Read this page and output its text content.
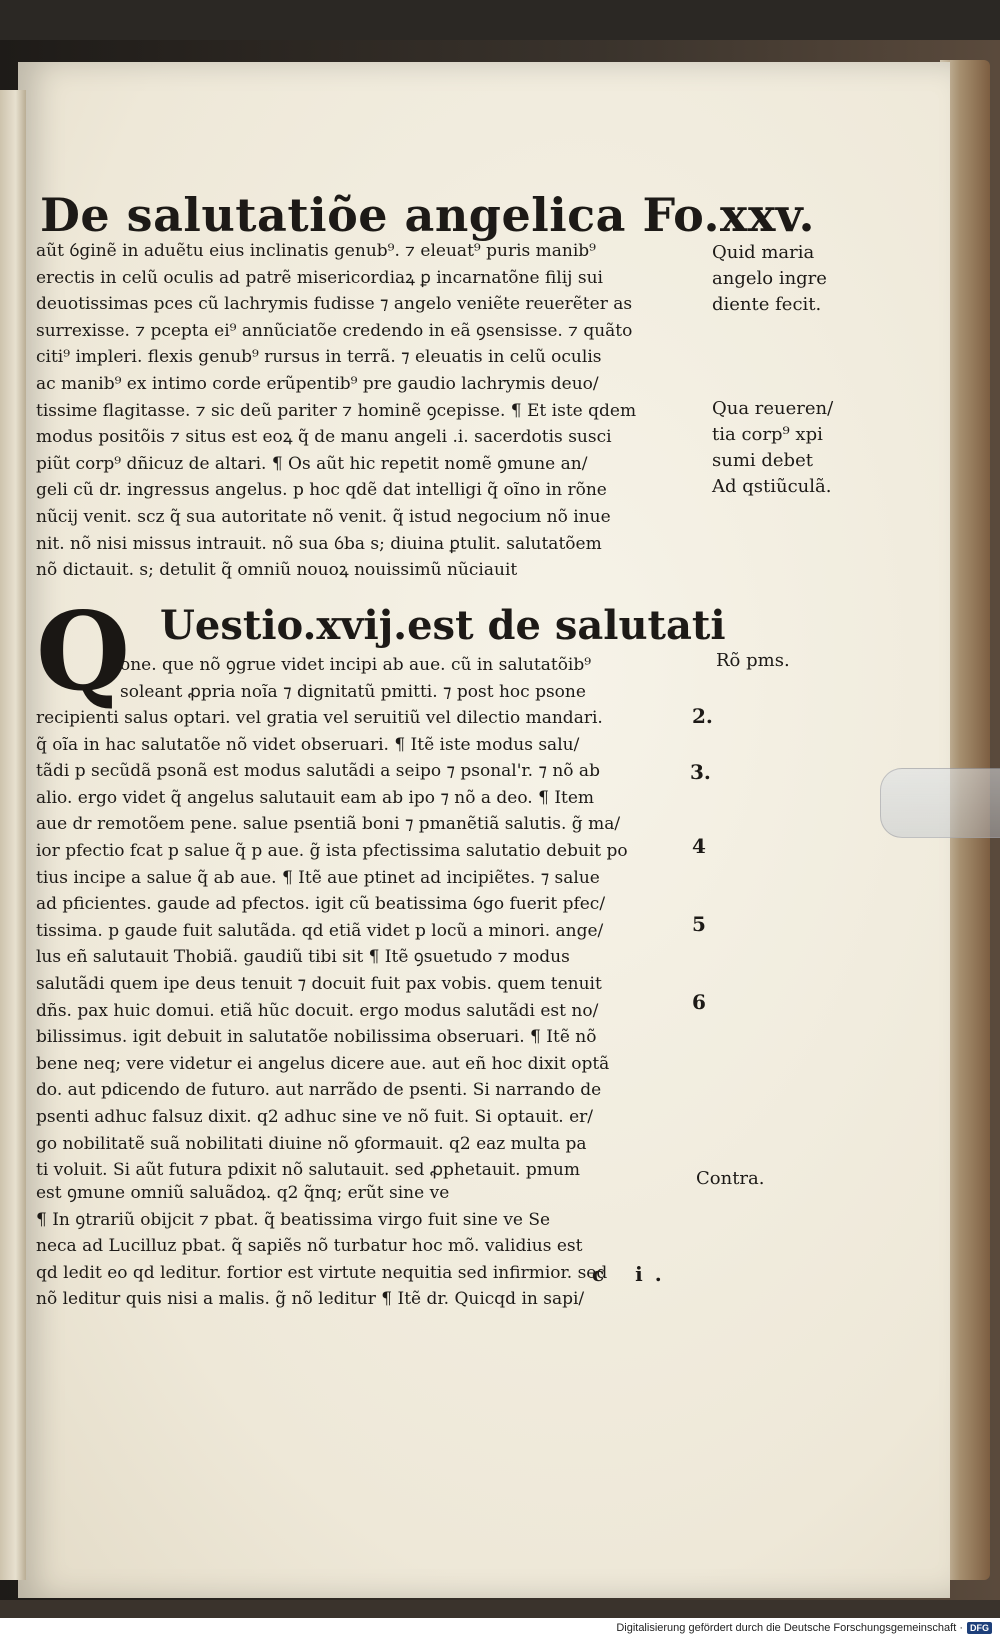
De salutatiõe angelica Fo.xxv.
aũt ỽginẽ in aduẽtu eius inclinatis genub⁹. ⁊ eleuat⁹ puris manib⁹
erectis in celũ oculis ad patrẽ misericordiaꝝ ꝑ incarnatõne filij sui
deuotissimas pces cũ lachrymis fudisse ⁊ angelo veniẽte reuerẽter as
surrexisse. ⁊ pcepta ei⁹ annũciatõe credendo in eã ꝯsensisse. ⁊ quãto
citi⁹ impleri. flexis genub⁹ rursus in terrã. ⁊ eleuatis in celũ oculis
ac manib⁹ ex intimo corde erũpentib⁹ pre gaudio lachrymis deuo/
tissime flagitasse. ⁊ sic deũ pariter ⁊ hominẽ ꝯcepisse. ¶ Et iste qdem
modus positõis ⁊ situs est eoꝝ q̃ de manu angeli .i. sacerdotis susci
piũt corp⁹ dñicuz de altari. ¶ Os aũt hic repetit nomẽ ꝯmune an/
geli cũ dr. ingressus angelus. p hoc qdẽ dat intelligi q̃ oĩno in rõne
nũcij venit. scz q̃ sua autoritate nõ venit. q̃ istud negocium nõ inue
nit. nõ nisi missus intrauit. nõ sua ỽba s; diuina ꝑtulit. salutatõem
nõ dictauit. s; detulit q̃ omniũ nouoꝝ nouissimũ nũciauit
Q Uestio.xvij.est de salutati
one. que nõ ꝯgrue videt incipi ab aue. cũ in salutatõib⁹
soleant ꝓpria noĩa ⁊ dignitatũ pmitti. ⁊ post hoc psone
recipienti salus optari. vel gratia vel seruitiũ vel dilectio mandari.
q̃ oĩa in hac salutatõe nõ videt obseruari. ¶ Itẽ iste modus salu/
tãdi p secũdã psonã est modus salutãdi a seipo ⁊ psonal'r. ⁊ nõ ab
alio. ergo videt q̃ angelus salutauit eam ab ipo ⁊ nõ a deo. ¶ Item
aue dr remotõem pene. salue psentiã boni ⁊ pmanẽtiã salutis. g̃ ma/
ior pfectio fcat p salue q̃ p aue. g̃ ista pfectissima salutatio debuit po
tius incipe a salue q̃ ab aue. ¶ Itẽ aue ptinet ad incipiẽtes. ⁊ salue
ad pficientes. gaude ad pfectos. igit cũ beatissima ỽgo fuerit pfec/
tissima. p gaude fuit salutãda. qd etiã videt p locũ a minori. ange/
lus eñ salutauit Thobiã. gaudiũ tibi sit ¶ Itẽ ꝯsuetudo ⁊ modus
salutãdi quem ipe deus tenuit ⁊ docuit fuit pax vobis. quem tenuit
dñs. pax huic domui. etiã hũc docuit. ergo modus salutãdi est no/
bilissimus. igit debuit in salutatõe nobilissima obseruari. ¶ Itẽ nõ
bene neq; vere videtur ei angelus dicere aue. aut eñ hoc dixit optã
do. aut pdicendo de futuro. aut narrãdo de psenti. Si narrando de
psenti adhuc falsuz dixit. q2 adhuc sine ve nõ fuit. Si optauit. er/
go nobilitatẽ suã nobilitati diuine nõ ꝯformauit. q2 eaz multa pa
ti voluit. Si aũt futura pdixit nõ salutauit. sed ꝓphetauit. pmum
est ꝯmune omniũ saluãdoꝝ. q2 q̃nq; erũt sine ve
¶ In ꝯtrariũ obijcit ⁊ pbat. q̃ beatissima virgo fuit sine ve Se
neca ad Lucilluz pbat. q̃ sapiẽs nõ turbatur hoc mõ. validius est
qd ledit eo qd leditur. fortior est virtute nequitia sed infirmior. sed
nõ leditur quis nisi a malis. g̃ nõ leditur ¶ Itẽ dr. Quicqd in sapi/
Quid maria
angelo ingre
diente fecit.
Qua reueren/
tia corp⁹ xpi
sumi debet
Ad qstiũculã.
Rõ pms.
Contra.
2.
3.
4
5
6
c i.
Digitalisierung gefördert durch die Deutsche Forschungsgemeinschaft · DFG
